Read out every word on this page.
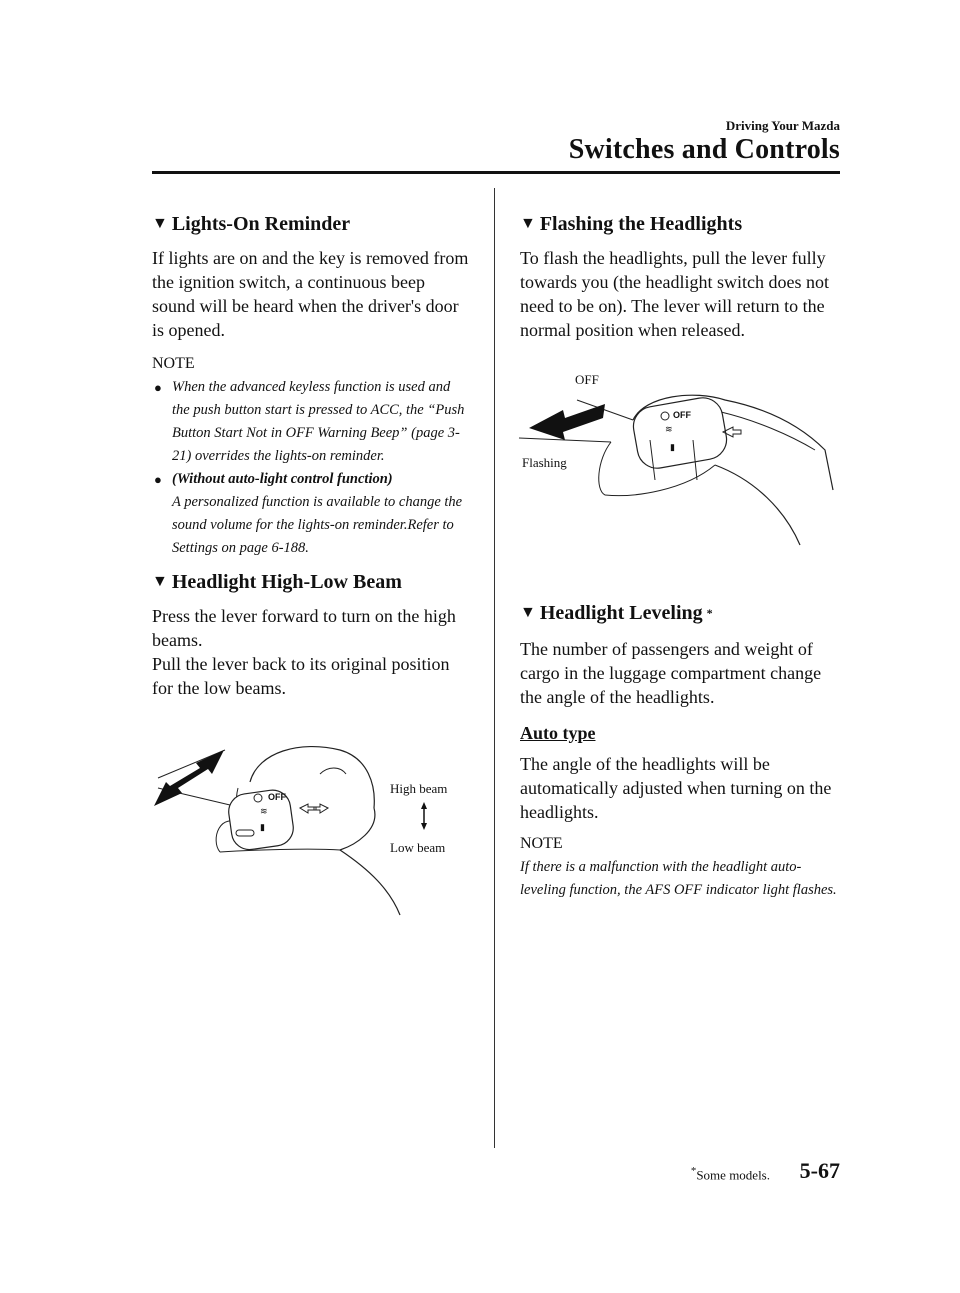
Driving Your Mazda
Switches and Controls
▼ Lights-On Reminder

If lights are on and the key is removed from the ignition switch, a continuous beep sound will be heard when the driver's door is opened.

NOTE
● When the advanced keyless function is used and the push button start is pressed to ACC, the “Push Button Start Not in OFF Warning Beep” (page 3-21) overrides the lights-on reminder.
● (Without auto-light control function)
A personalized function is available to change the sound volume for the lights-on reminder.Refer to Settings on page 6-188.
▼ Headlight High-Low Beam

Press the lever forward to turn on the high beams.

Pull the lever back to its original position for the low beams.

OFF
≋
▮
High beam
Low beam
▼ Flashing the Headlights

To flash the headlights, pull the lever fully towards you (the headlight switch does not need to be on). The lever will return to the normal position when released.

OFF
≋
▮
OFF
Flashing
▼ Headlight Leveling *

The number of passengers and weight of cargo in the luggage compartment change the angle of the headlights.

Auto type

The angle of the headlights will be automatically adjusted when turning on the headlights.

NOTE

If there is a malfunction with the headlight auto-leveling function, the AFS OFF indicator light flashes.

*Some models. 5-67
